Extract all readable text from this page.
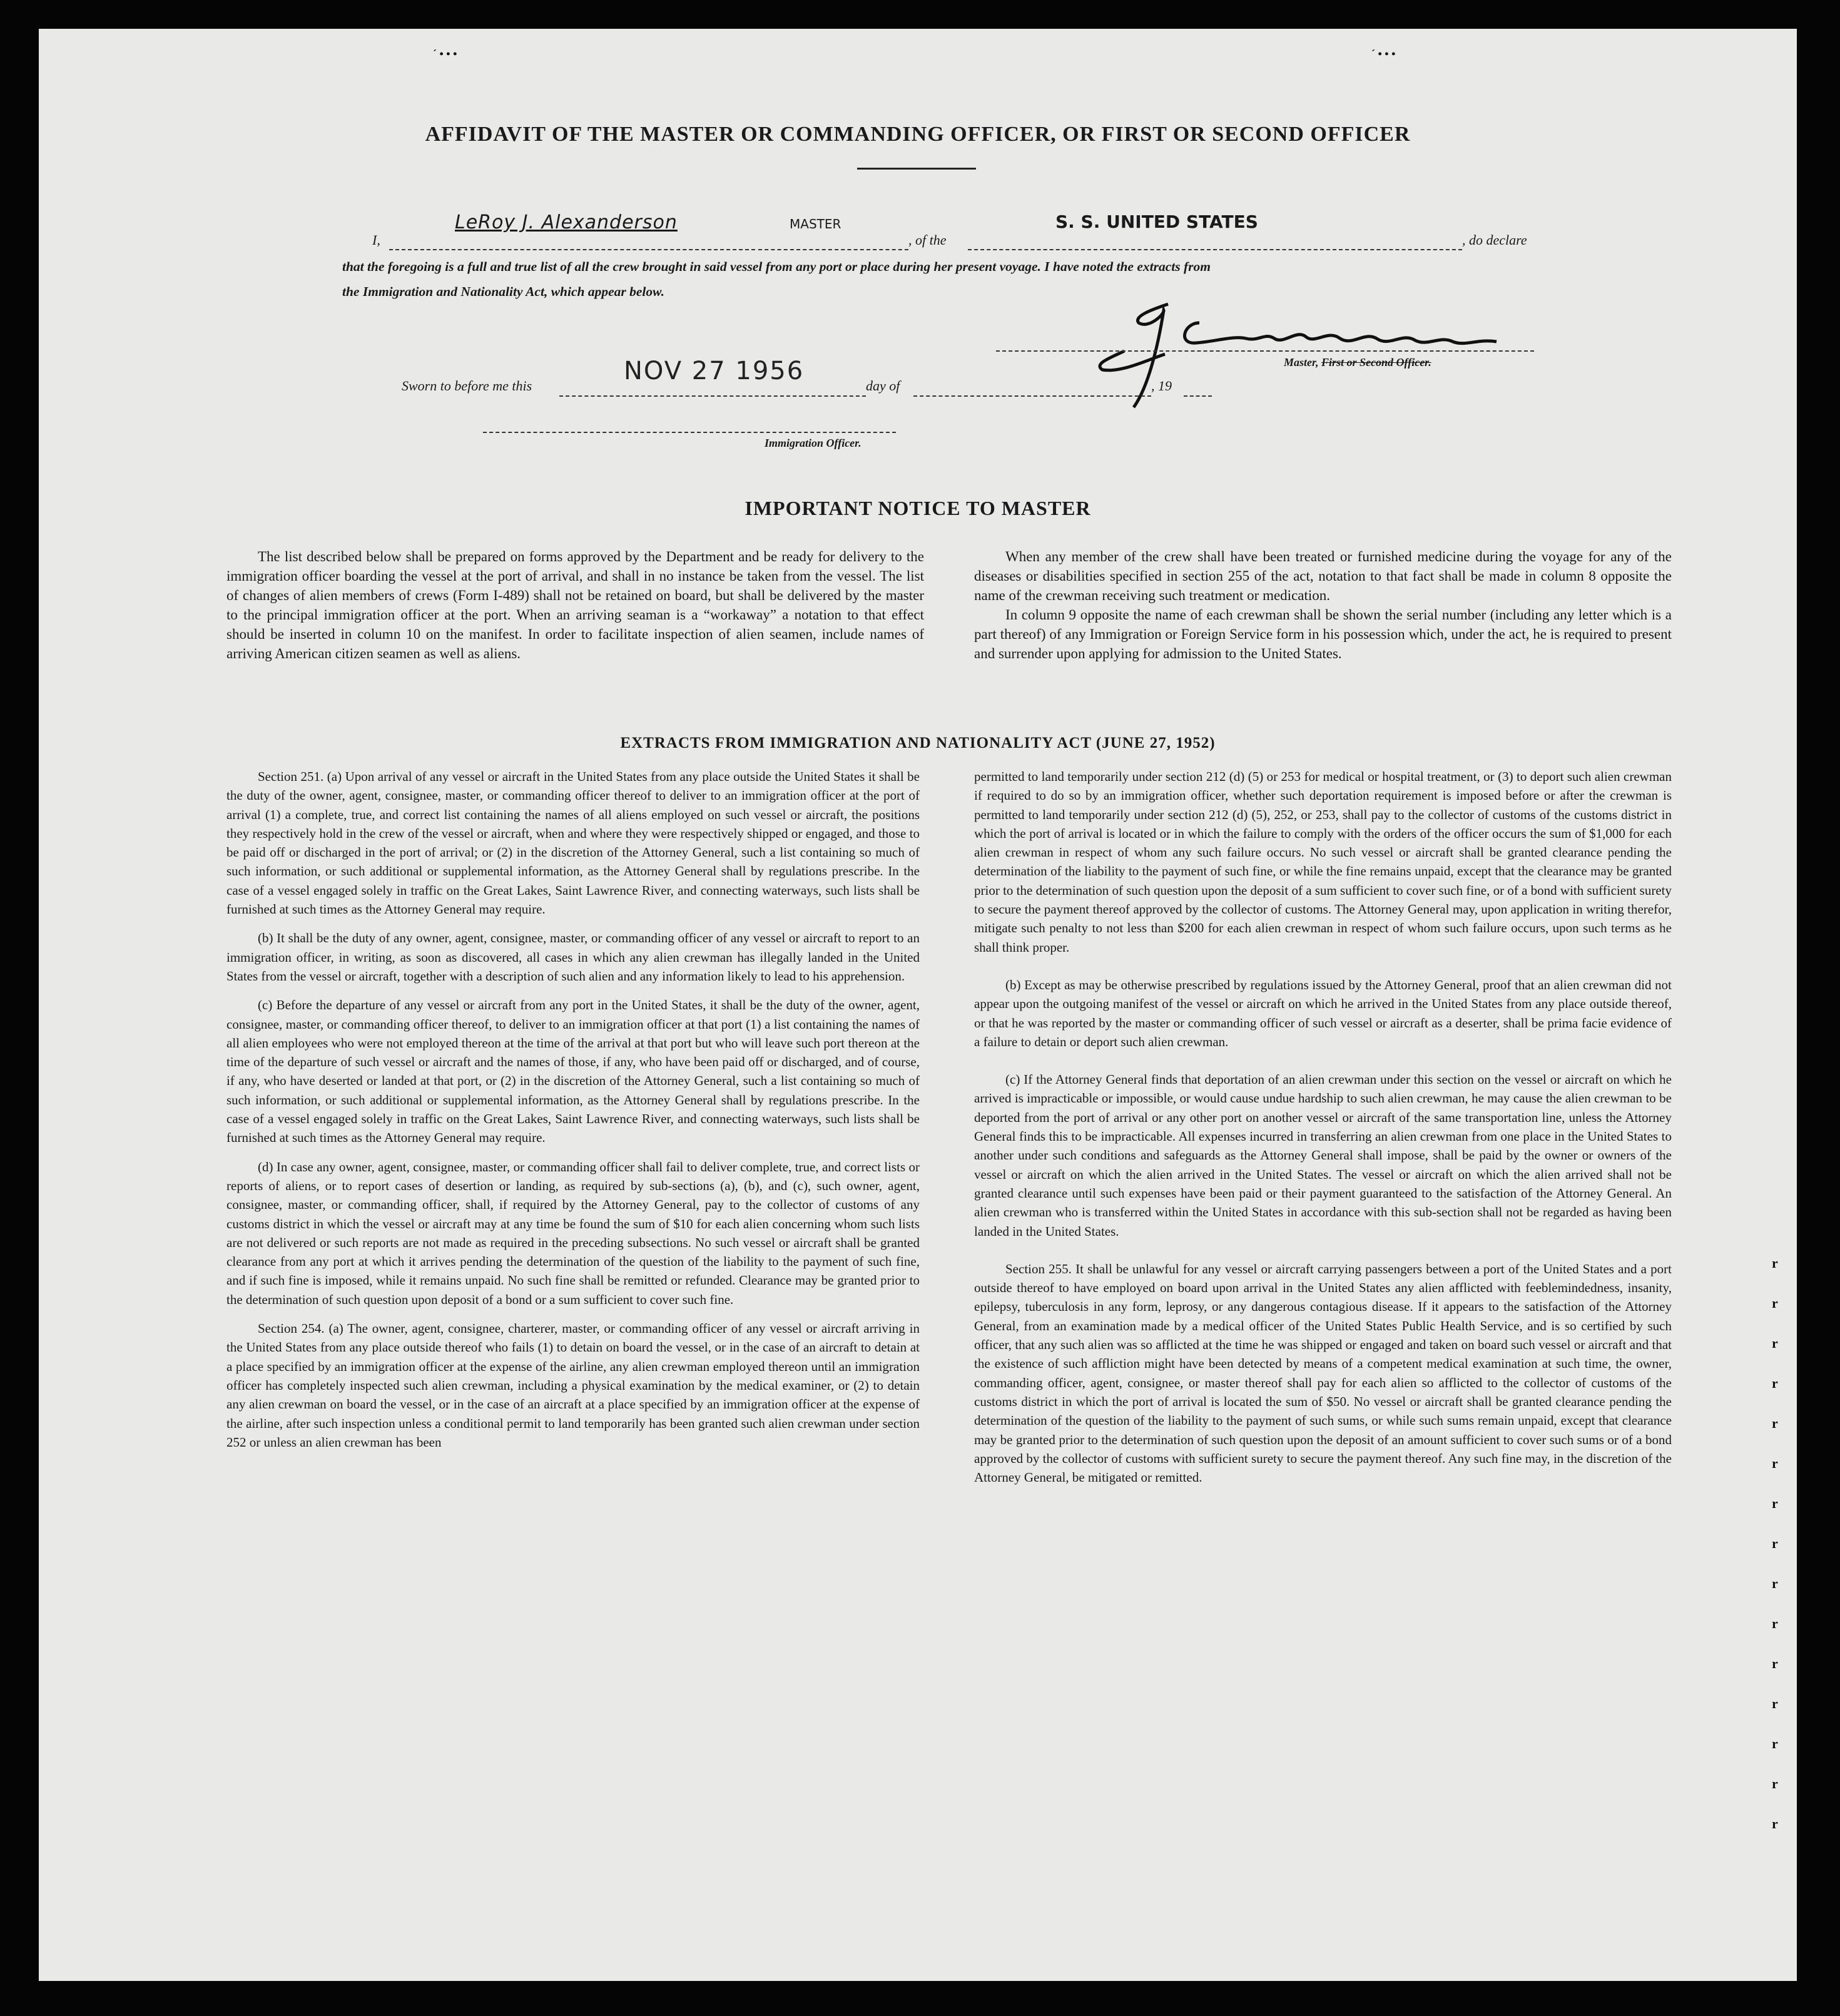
´ • • •	´ • • •
AFFIDAVIT OF THE MASTER OR COMMANDING OFFICER, OR FIRST OR SECOND OFFICER
I,
LeRoy J. Alexanderson	MASTER
, of the
S. S. UNITED STATES
, do declare
that the foregoing is a full and true list of all the crew brought in said vessel from any port or place during her present voyage. I have noted the extracts from
the Immigration and Nationality Act, which appear below.
Master, First or Second Officer.
Sworn to before me this
NOV 27 1956
day of	, 19
Immigration Officer.
IMPORTANT NOTICE TO MASTER

The list described below shall be prepared on forms approved by the Department and be ready for delivery to the immigration officer boarding the vessel at the port of arrival, and shall in no instance be taken from the vessel. The list of changes of alien members of crews (Form I-489) shall not be retained on board, but shall be delivered by the master to the principal immigration officer at the port. When an arriving seaman is a “workaway” a notation to that effect should be inserted in column 10 on the manifest. In order to facilitate inspection of alien seamen, include names of arriving American citizen seamen as well as aliens.

When any member of the crew shall have been treated or furnished medicine during the voyage for any of the diseases or disabilities specified in section 255 of the act, notation to that fact shall be made in column 8 opposite the name of the crewman receiving such treatment or medication.

In column 9 opposite the name of each crewman shall be shown the serial number (including any letter which is a part thereof) of any Immigration or Foreign Service form in his possession which, under the act, he is required to present and surrender upon applying for admission to the United States.

EXTRACTS FROM IMMIGRATION AND NATIONALITY ACT (JUNE 27, 1952)

Section 251. (a) Upon arrival of any vessel or aircraft in the United States from any place outside the United States it shall be the duty of the owner, agent, consignee, master, or commanding officer thereof to deliver to an immigration officer at the port of arrival (1) a complete, true, and correct list containing the names of all aliens employed on such vessel or aircraft, the positions they respectively hold in the crew of the vessel or aircraft, when and where they were respectively shipped or engaged, and those to be paid off or discharged in the port of arrival; or (2) in the discretion of the Attorney General, such a list containing so much of such information, or such additional or supplemental information, as the Attorney General shall by regulations prescribe. In the case of a vessel engaged solely in traffic on the Great Lakes, Saint Lawrence River, and connecting waterways, such lists shall be furnished at such times as the Attorney General may require.

(b) It shall be the duty of any owner, agent, consignee, master, or commanding officer of any vessel or aircraft to report to an immigration officer, in writing, as soon as discovered, all cases in which any alien crewman has illegally landed in the United States from the vessel or aircraft, together with a description of such alien and any information likely to lead to his apprehension.

(c) Before the departure of any vessel or aircraft from any port in the United States, it shall be the duty of the owner, agent, consignee, master, or commanding officer thereof, to deliver to an immigration officer at that port (1) a list containing the names of all alien employees who were not employed thereon at the time of the arrival at that port but who will leave such port thereon at the time of the departure of such vessel or aircraft and the names of those, if any, who have been paid off or discharged, and of course, if any, who have deserted or landed at that port, or (2) in the discretion of the Attorney General, such a list containing so much of such information, or such additional or supplemental information, as the Attorney General shall by regulations prescribe. In the case of a vessel engaged solely in traffic on the Great Lakes, Saint Lawrence River, and connecting waterways, such lists shall be furnished at such times as the Attorney General may require.

(d) In case any owner, agent, consignee, master, or commanding officer shall fail to deliver complete, true, and correct lists or reports of aliens, or to report cases of desertion or landing, as required by sub-sections (a), (b), and (c), such owner, agent, consignee, master, or commanding officer, shall, if required by the Attorney General, pay to the collector of customs of any customs district in which the vessel or aircraft may at any time be found the sum of $10 for each alien concerning whom such lists are not delivered or such reports are not made as required in the preceding subsections. No such vessel or aircraft shall be granted clearance from any port at which it arrives pending the determination of the question of the liability to the payment of such fine, and if such fine is imposed, while it remains unpaid. No such fine shall be remitted or refunded. Clearance may be granted prior to the determination of such question upon deposit of a bond or a sum sufficient to cover such fine.

Section 254. (a) The owner, agent, consignee, charterer, master, or commanding officer of any vessel or aircraft arriving in the United States from any place outside thereof who fails (1) to detain on board the vessel, or in the case of an aircraft to detain at a place specified by an immigration officer at the expense of the airline, any alien crewman employed thereon until an immigration officer has completely inspected such alien crewman, including a physical examination by the medical examiner, or (2) to detain any alien crewman on board the vessel, or in the case of an aircraft at a place specified by an immigration officer at the expense of the airline, after such inspection unless a conditional permit to land temporarily has been granted such alien crewman under section 252 or unless an alien crewman has been

permitted to land temporarily under section 212 (d) (5) or 253 for medical or hospital treatment, or (3) to deport such alien crewman if required to do so by an immigration officer, whether such deportation requirement is imposed before or after the crewman is permitted to land temporarily under section 212 (d) (5), 252, or 253, shall pay to the collector of customs of the customs district in which the port of arrival is located or in which the failure to comply with the orders of the officer occurs the sum of $1,000 for each alien crewman in respect of whom any such failure occurs. No such vessel or aircraft shall be granted clearance pending the determination of the liability to the payment of such fine, or while the fine remains unpaid, except that the clearance may be granted prior to the determination of such question upon the deposit of a sum sufficient to cover such fine, or of a bond with sufficient surety to secure the payment thereof approved by the collector of customs. The Attorney General may, upon application in writing therefor, mitigate such penalty to not less than $200 for each alien crewman in respect of whom such failure occurs, upon such terms as he shall think proper.

(b) Except as may be otherwise prescribed by regulations issued by the Attorney General, proof that an alien crewman did not appear upon the outgoing manifest of the vessel or aircraft on which he arrived in the United States from any place outside thereof, or that he was reported by the master or commanding officer of such vessel or aircraft as a deserter, shall be prima facie evidence of a failure to detain or deport such alien crewman.

(c) If the Attorney General finds that deportation of an alien crewman under this section on the vessel or aircraft on which he arrived is impracticable or impossible, or would cause undue hardship to such alien crewman, he may cause the alien crewman to be deported from the port of arrival or any other port on another vessel or aircraft of the same transportation line, unless the Attorney General finds this to be impracticable. All expenses incurred in transferring an alien crewman from one place in the United States to another under such conditions and safeguards as the Attorney General shall impose, shall be paid by the owner or owners of the vessel or aircraft on which the alien arrived in the United States. The vessel or aircraft on which the alien arrived shall not be granted clearance until such expenses have been paid or their payment guaranteed to the satisfaction of the Attorney General. An alien crewman who is transferred within the United States in accordance with this sub-section shall not be regarded as having been landed in the United States.

Section 255. It shall be unlawful for any vessel or aircraft carrying passengers between a port of the United States and a port outside thereof to have employed on board upon arrival in the United States any alien afflicted with feeblemindedness, insanity, epilepsy, tuberculosis in any form, leprosy, or any dangerous contagious disease. If it appears to the satisfaction of the Attorney General, from an examination made by a medical officer of the United States Public Health Service, and is so certified by such officer, that any such alien was so afflicted at the time he was shipped or engaged and taken on board such vessel or aircraft and that the existence of such affliction might have been detected by means of a competent medical examination at such time, the owner, commanding officer, agent, consignee, or master thereof shall pay for each alien so afflicted to the collector of customs of the customs district in which the port of arrival is located the sum of $50. No vessel or aircraft shall be granted clearance pending the determination of the question of the liability to the payment of such sums, or while such sums remain unpaid, except that clearance may be granted prior to the determination of such question upon the deposit of an amount sufficient to cover such sums or of a bond approved by the collector of customs with sufficient surety to secure the payment thereof. Any such fine may, in the discretion of the Attorney General, be mitigated or remitted.

r
r
r
r
r
r
r
r
r
r
r
r
r
r
r
